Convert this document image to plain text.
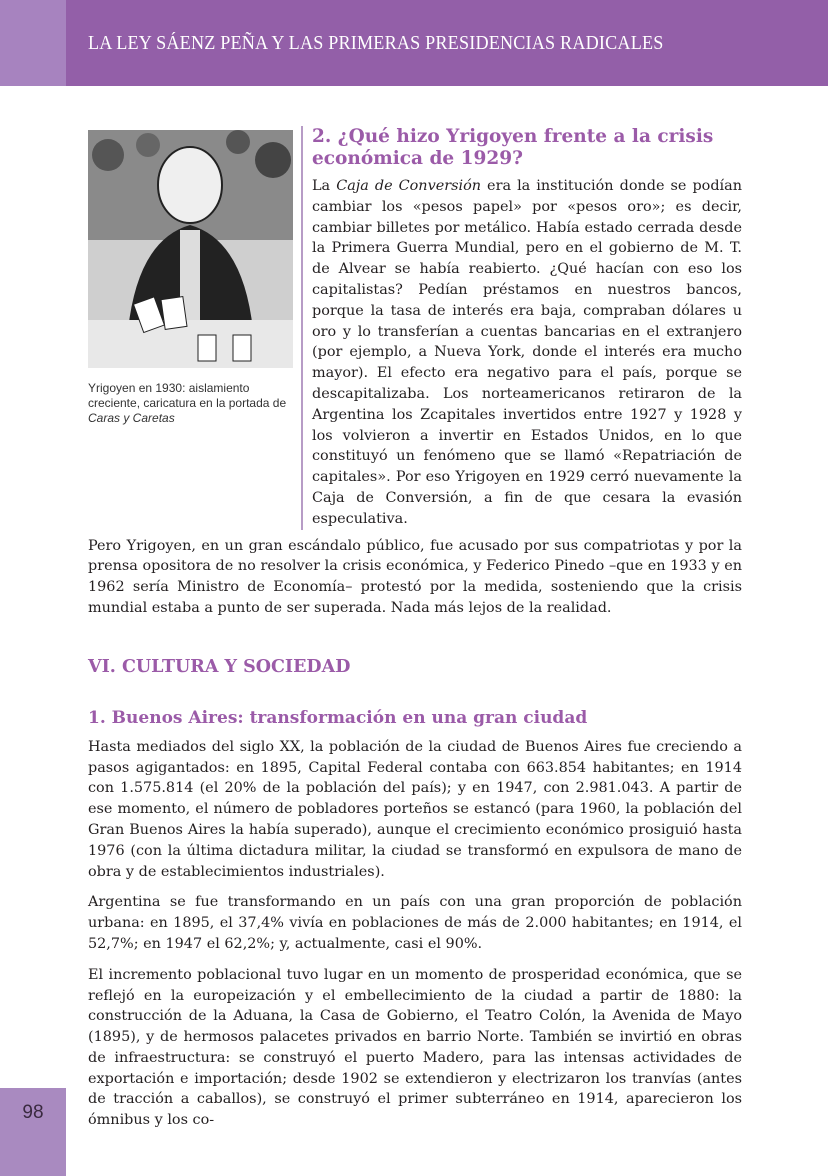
LA LEY SÁENZ PEÑA Y LAS PRIMERAS PRESIDENCIAS RADICALES
Yrigoyen en 1930: aislamiento creciente, caricatura en la portada de Caras y Caretas
2. ¿Qué hizo Yrigoyen frente a la crisis económica de 1929?

La Caja de Conversión era la institución donde se podían cambiar los «pesos papel» por «pesos oro»; es decir, cambiar billetes por metálico. Había estado cerrada desde la Primera Guerra Mundial, pero en el gobierno de M. T. de Alvear se había reabierto. ¿Qué hacían con eso los capitalistas? Pedían préstamos en nuestros bancos, porque la tasa de interés era baja, compraban dólares u oro y lo transferían a cuentas bancarias en el extranjero (por ejemplo, a Nueva York, donde el interés era mucho mayor). El efecto era negativo para el país, porque se descapitalizaba. Los norteamericanos retiraron de la Argentina los Zcapitales invertidos entre 1927 y 1928 y los volvieron a invertir en Estados Unidos, en lo que constituyó un fenómeno que se llamó «Repatriación de capitales». Por eso Yrigoyen en 1929 cerró nuevamente la Caja de Conversión, a fin de que cesara la evasión especulativa.

Pero Yrigoyen, en un gran escándalo público, fue acusado por sus compatriotas y por la prensa opositora de no resolver la crisis económica, y Federico Pinedo –que en 1933 y en 1962 sería Ministro de Economía– protestó por la medida, sosteniendo que la crisis mundial estaba a punto de ser superada. Nada más lejos de la realidad.

VI. CULTURA Y SOCIEDAD
1. Buenos Aires: transformación en una gran ciudad

Hasta mediados del siglo XX, la población de la ciudad de Buenos Aires fue creciendo a pasos agigantados: en 1895, Capital Federal contaba con 663.854 habitantes; en 1914 con 1.575.814 (el 20% de la población del país); y en 1947, con 2.981.043. A partir de ese momento, el número de pobladores porteños se estancó (para 1960, la población del Gran Buenos Aires la había superado), aunque el crecimiento económico prosiguió hasta 1976 (con la última dictadura militar, la ciudad se transformó en expulsora de mano de obra y de establecimientos industriales).

Argentina se fue transformando en un país con una gran proporción de población urbana: en 1895, el 37,4% vivía en poblaciones de más de 2.000 habitantes; en 1914, el 52,7%; en 1947 el 62,2%; y, actualmente, casi el 90%.

El incremento poblacional tuvo lugar en un momento de prosperidad económica, que se reflejó en la europeización y el embellecimiento de la ciudad a partir de 1880: la construcción de la Aduana, la Casa de Gobierno, el Teatro Colón, la Avenida de Mayo (1895), y de hermosos palacetes privados en barrio Norte. También se invirtió en obras de infraestructura: se construyó el puerto Madero, para las intensas actividades de exportación e importación; desde 1902 se extendieron y electrizaron los tranvías (antes de tracción a caballos), se construyó el primer subterráneo en 1914, aparecieron los ómnibus y los co-

98
